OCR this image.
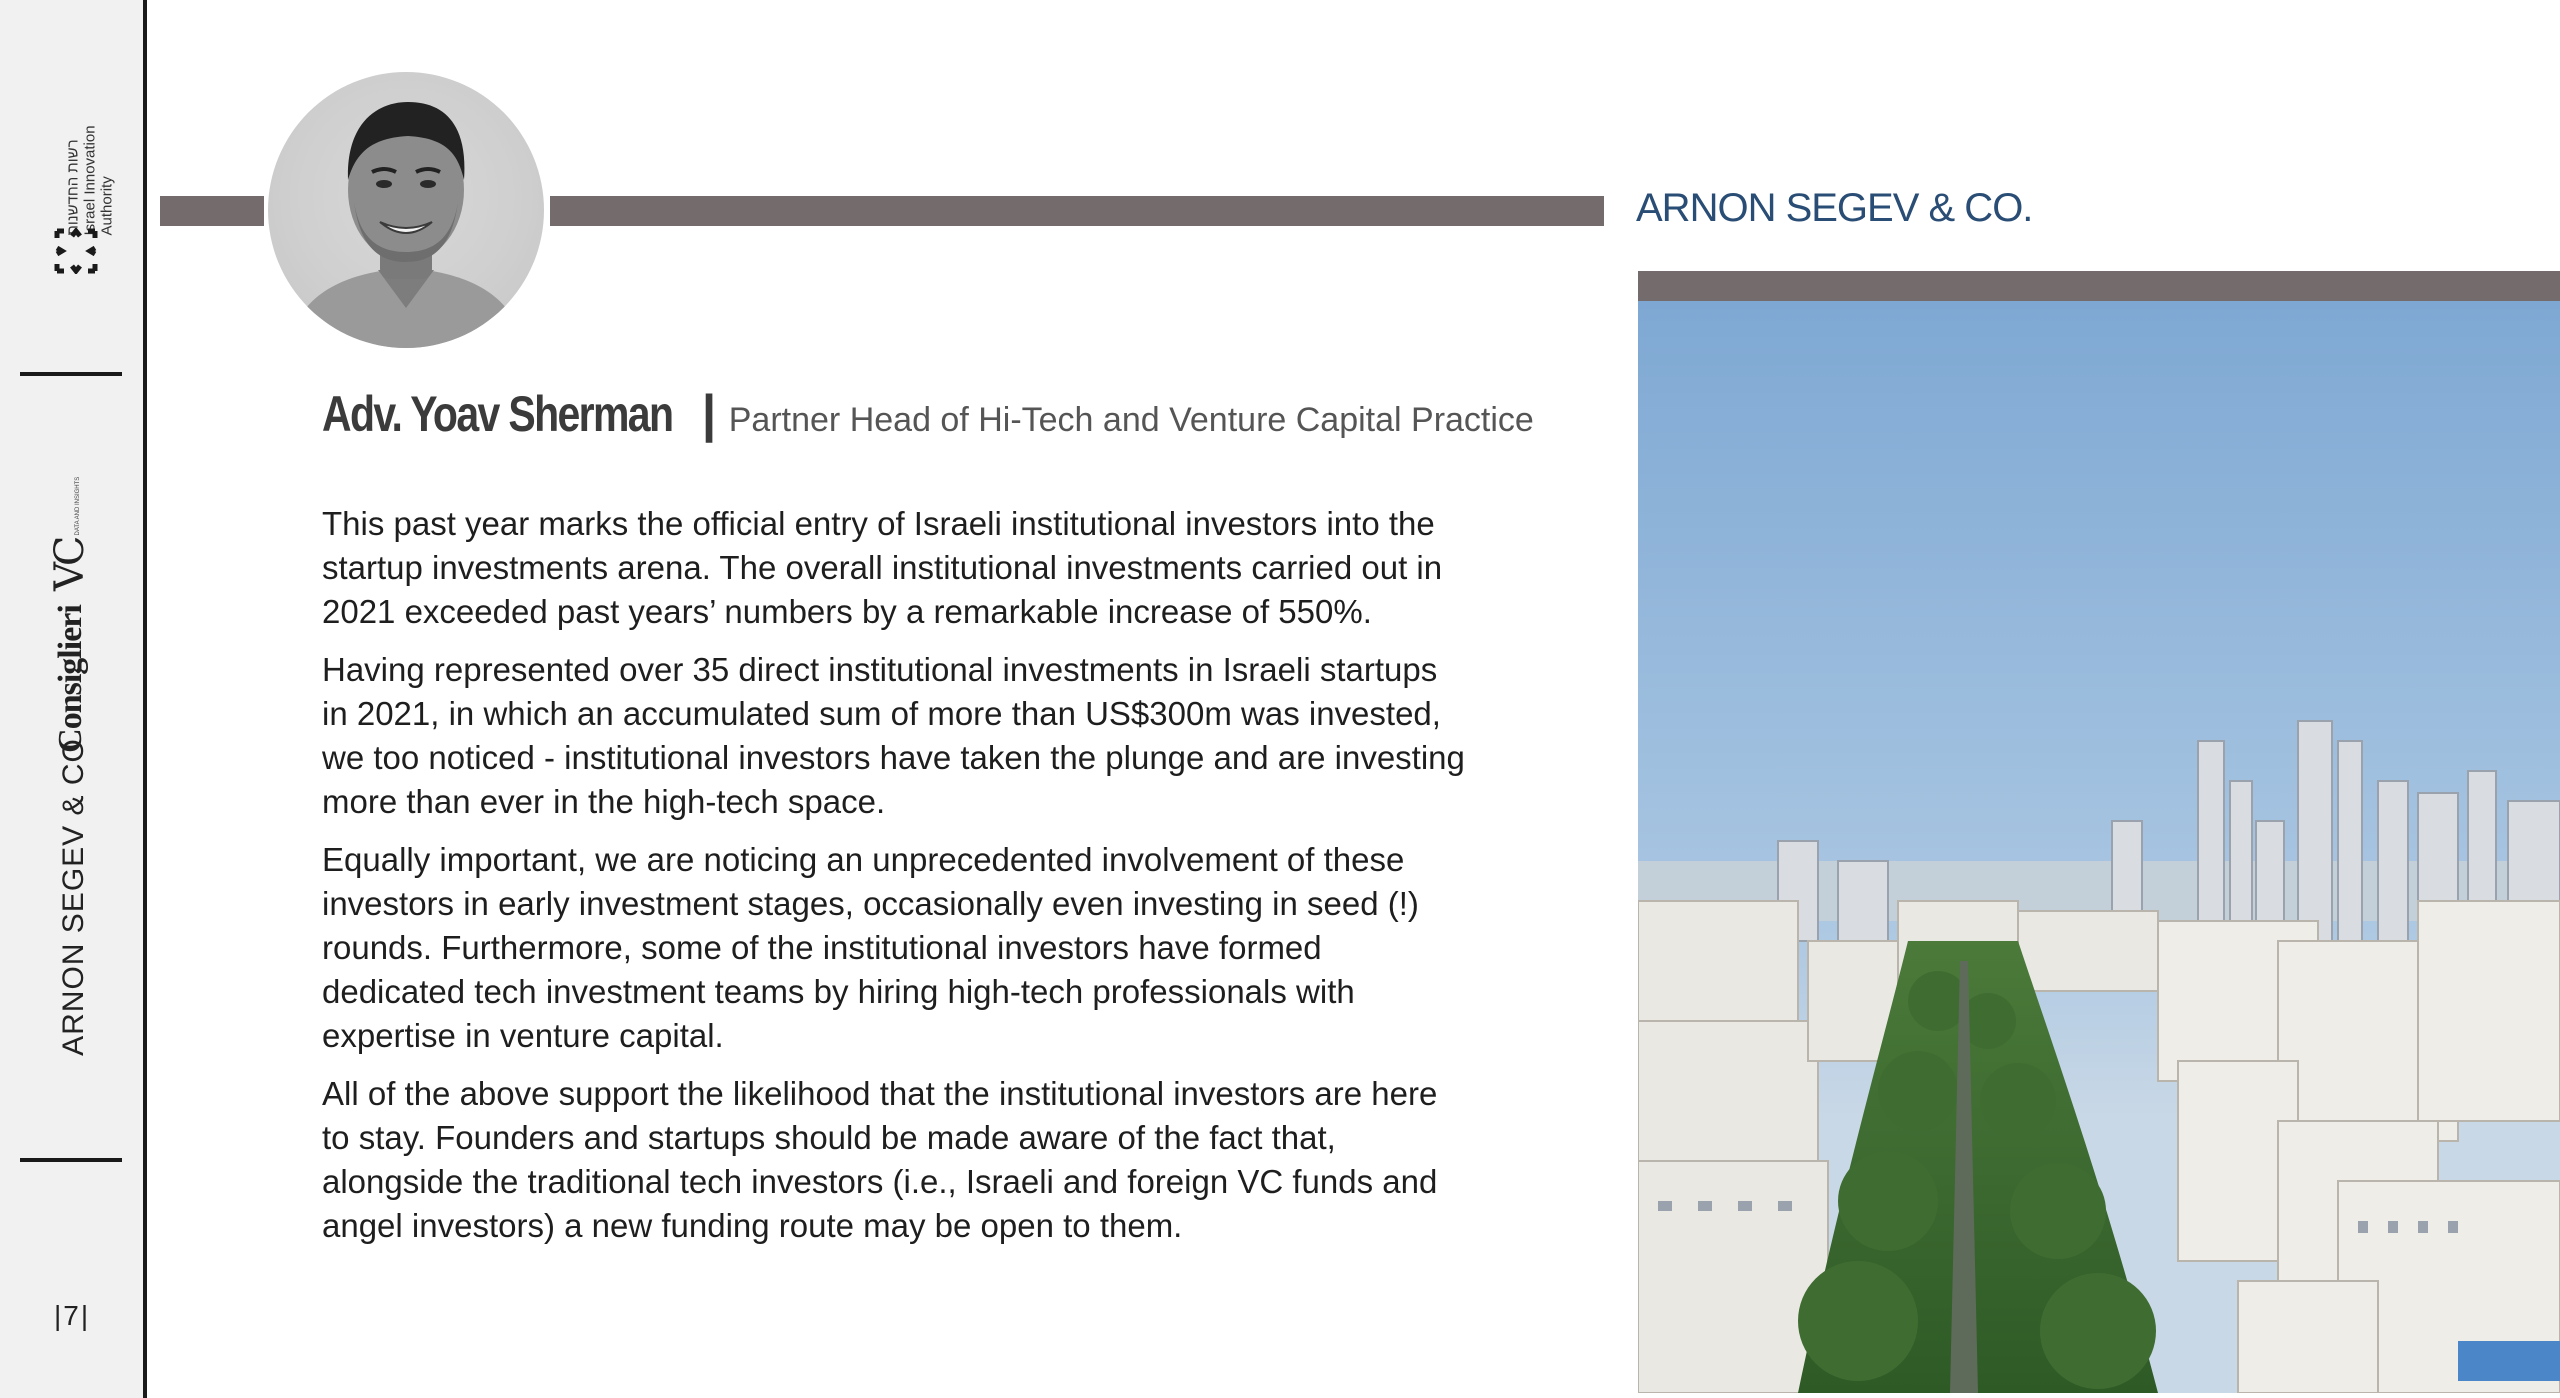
רשות החדשנות Israel Innovation Authority
VCDATA AND INSIGHTS
Consiglieri
ARNON SEGEV & CO
|7|
ARNON SEGEV & CO.
Adv. Yoav Sherman | Partner Head of Hi-Tech and Venture Capital Practice

This past year marks the official entry of Israeli institutional investors into the startup investments arena. The overall institutional investments carried out in 2021 exceeded past years’ numbers by a remarkable increase of 550%.

Having represented over 35 direct institutional investments in Israeli startups in 2021, in which an accumulated sum of more than US$300m was invested, we too noticed - institutional investors have taken the plunge and are investing more than ever in the high-tech space.

Equally important, we are noticing an unprecedented involvement of these investors in early investment stages, occasionally even investing in seed (!) rounds. Furthermore, some of the institutional investors have formed dedicated tech investment teams by hiring high-tech professionals with expertise in venture capital.

All of the above support the likelihood that the institutional investors are here to stay. Founders and startups should be made aware of the fact that, alongside the traditional tech investors (i.e., Israeli and foreign VC funds and angel investors) a new funding route may be open to them.
